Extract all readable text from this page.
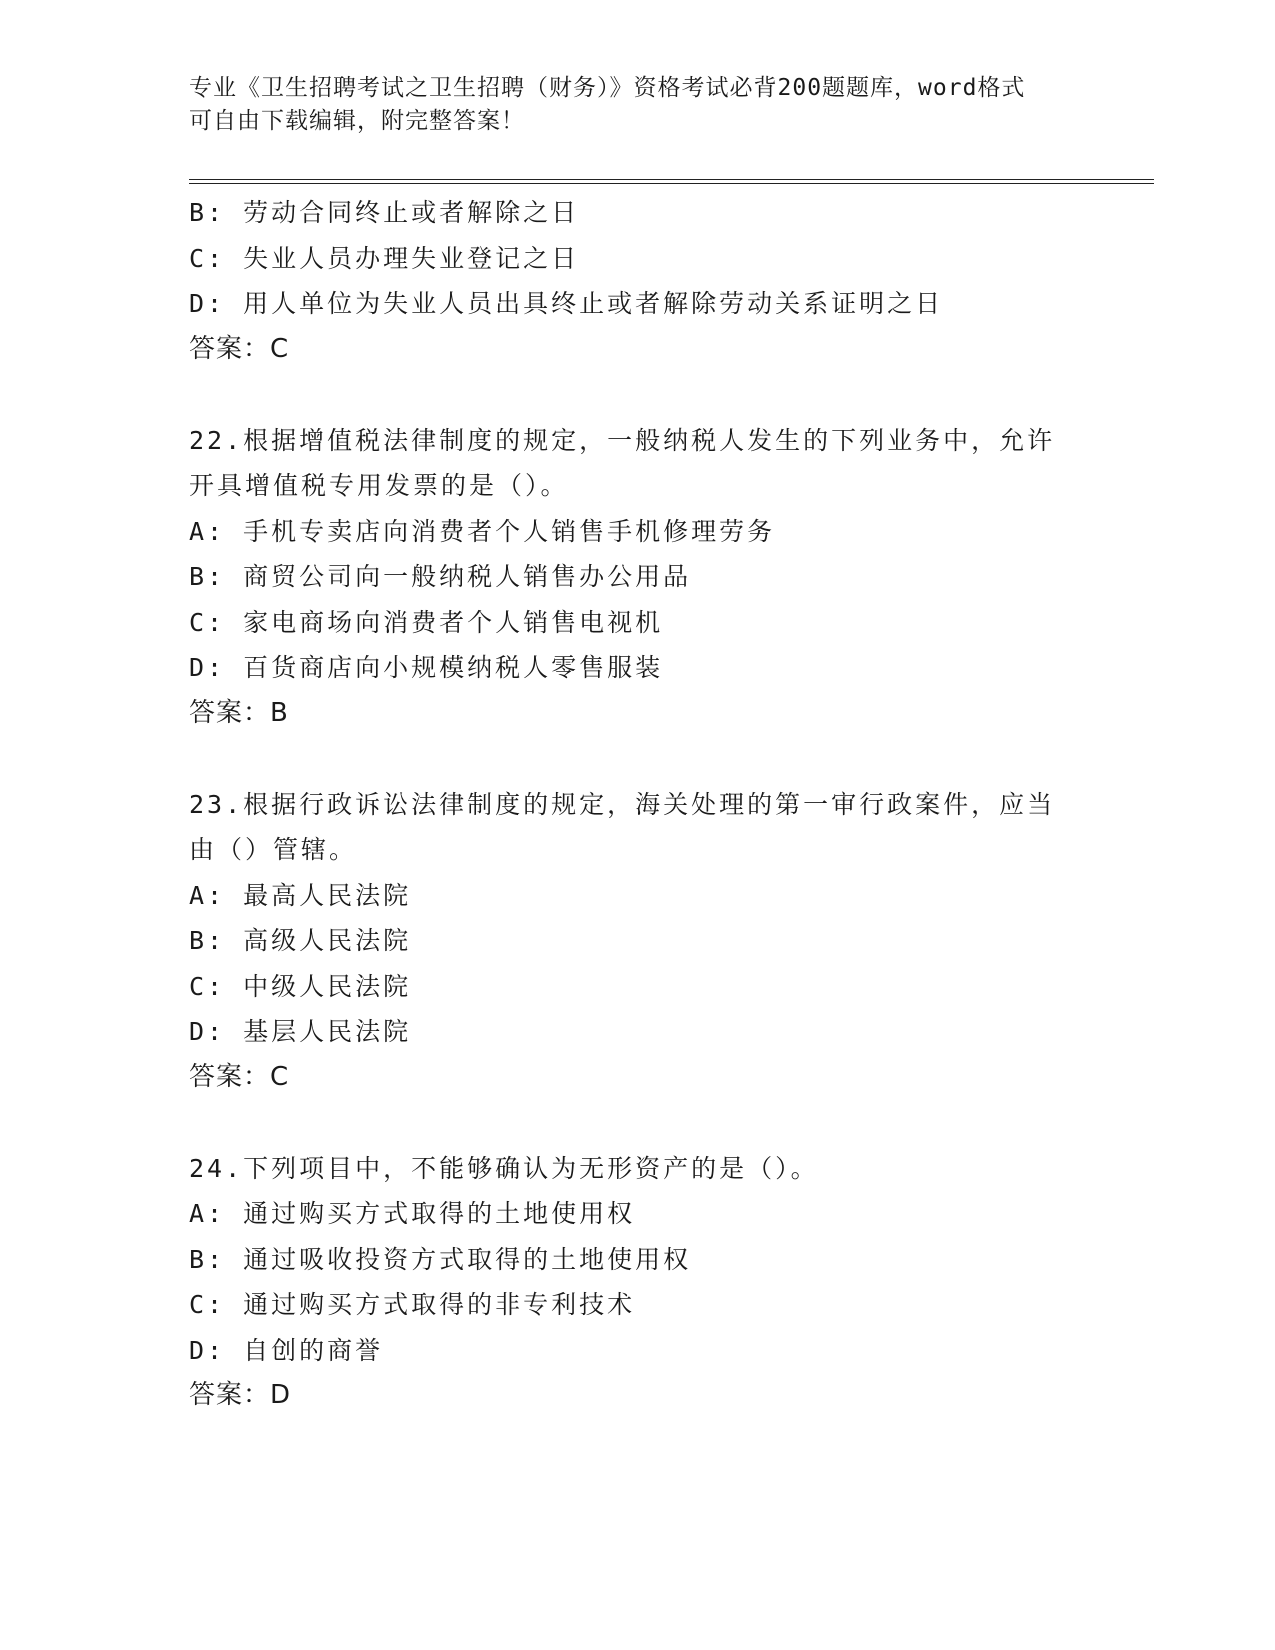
专业《卫生招聘考试之卫生招聘（财务）》资格考试必背200题题库，word格式
可自由下载编辑，附完整答案！
B: 劳动合同终止或者解除之日
C: 失业人员办理失业登记之日
D: 用人单位为失业人员出具终止或者解除劳动关系证明之日
答案：C
22.根据增值税法律制度的规定，一般纳税人发生的下列业务中，允许
开具增值税专用发票的是（）。
A: 手机专卖店向消费者个人销售手机修理劳务
B: 商贸公司向一般纳税人销售办公用品
C: 家电商场向消费者个人销售电视机
D: 百货商店向小规模纳税人零售服装
答案：B
23.根据行政诉讼法律制度的规定，海关处理的第一审行政案件，应当
由（）管辖。
A: 最高人民法院
B: 高级人民法院
C: 中级人民法院
D: 基层人民法院
答案：C
24.下列项目中，不能够确认为无形资产的是（）。
A: 通过购买方式取得的土地使用权
B: 通过吸收投资方式取得的土地使用权
C: 通过购买方式取得的非专利技术
D: 自创的商誉
答案：D
